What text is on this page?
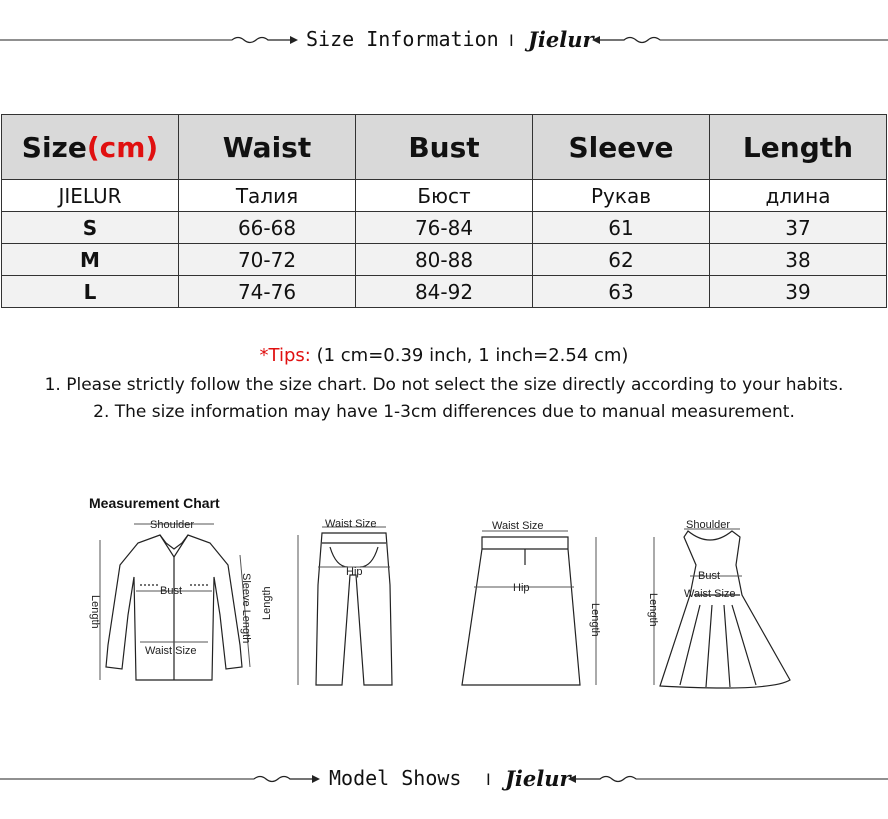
Size Information I Jielur
Size(cm)	Waist	Bust	Sleeve	Length
JIELUR	Талия	Бюст	Рукав	длина
S	66-68	76-84	61	37
M	70-72	80-88	62	38
L	74-76	84-92	63	39
*Tips: (1 cm=0.39 inch, 1 inch=2.54 cm)
1. Please strictly follow the size chart. Do not select the size directly according to your habits.
2. The size information may have 1-3cm differences due to manual measurement.
Measurement Chart
Shoulder
Bust
Waist Size
Length	Sleeve Length
Waist Size
Hip
Length
Waist Size
Hip
Length
Shoulder
Bust
Waist Size
Length
Model Shows I Jielur
